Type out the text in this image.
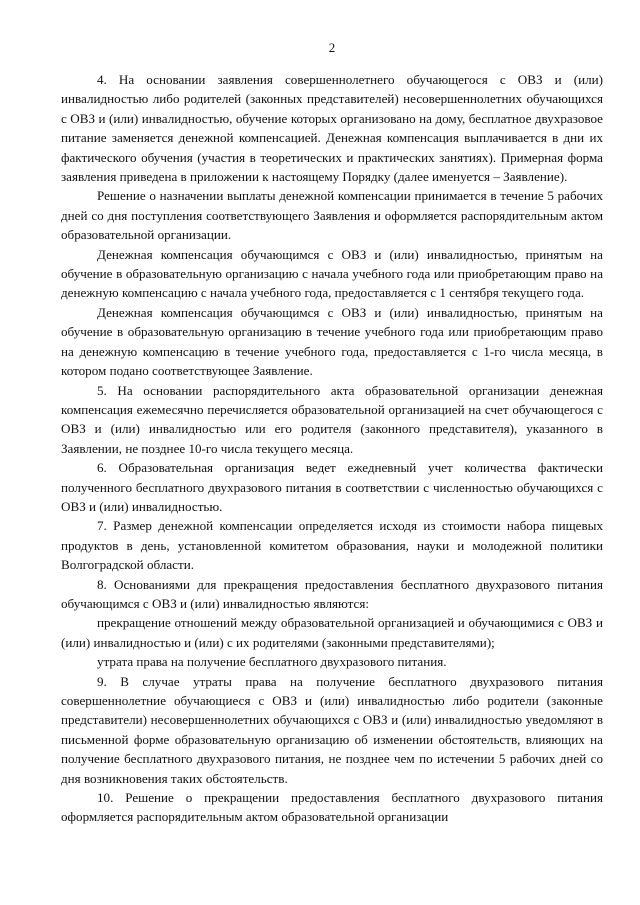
2

4. На основании заявления совершеннолетнего обучающегося с ОВЗ и (или) инвалидностью либо родителей (законных представителей) несовершеннолетних обучающихся с ОВЗ и (или) инвалидностью, обучение которых организовано на дому, бесплатное двухразовое питание заменяется денежной компенсацией. Денежная компенсация выплачивается в дни их фактического обучения (участия в теоретических и практических занятиях). Примерная форма заявления приведена в приложении к настоящему Порядку (далее именуется – Заявление).

Решение о назначении выплаты денежной компенсации принимается в течение 5 рабочих дней со дня поступления соответствующего Заявления и оформляется распорядительным актом образовательной организации.

Денежная компенсация обучающимся с ОВЗ и (или) инвалидностью, принятым на обучение в образовательную организацию с начала учебного года или приобретающим право на денежную компенсацию с начала учебного года, предоставляется с 1 сентября текущего года.

Денежная компенсация обучающимся с ОВЗ и (или) инвалидностью, принятым на обучение в образовательную организацию в течение учебного года или приобретающим право на денежную компенсацию в течение учебного года, предоставляется с 1-го числа месяца, в котором подано соответствующее Заявление.

5. На основании распорядительного акта образовательной организации денежная компенсация ежемесячно перечисляется образовательной организацией на счет обучающегося с ОВЗ и (или) инвалидностью или его родителя (законного представителя), указанного в Заявлении, не позднее 10-го числа текущего месяца.

6. Образовательная организация ведет ежедневный учет количества фактически полученного бесплатного двухразового питания в соответствии с численностью обучающихся с ОВЗ и (или) инвалидностью.

7. Размер денежной компенсации определяется исходя из стоимости набора пищевых продуктов в день, установленной комитетом образования, науки и молодежной политики Волгоградской области.

8. Основаниями для прекращения предоставления бесплатного двухразового питания обучающимся с ОВЗ и (или) инвалидностью являются:

прекращение отношений между образовательной организацией и обучающимися с ОВЗ и (или) инвалидностью и (или) с их родителями (законными представителями);

утрата права на получение бесплатного двухразового питания.

9. В случае утраты права на получение бесплатного двухразового питания совершеннолетние обучающиеся с ОВЗ и (или) инвалидностью либо родители (законные представители) несовершеннолетних обучающихся с ОВЗ и (или) инвалидностью уведомляют в письменной форме образовательную организацию об изменении обстоятельств, влияющих на получение бесплатного двухразового питания, не позднее чем по истечении 5 рабочих дней со дня возникновения таких обстоятельств.

10. Решение о прекращении предоставления бесплатного двухразового питания оформляется распорядительным актом образовательной организации
